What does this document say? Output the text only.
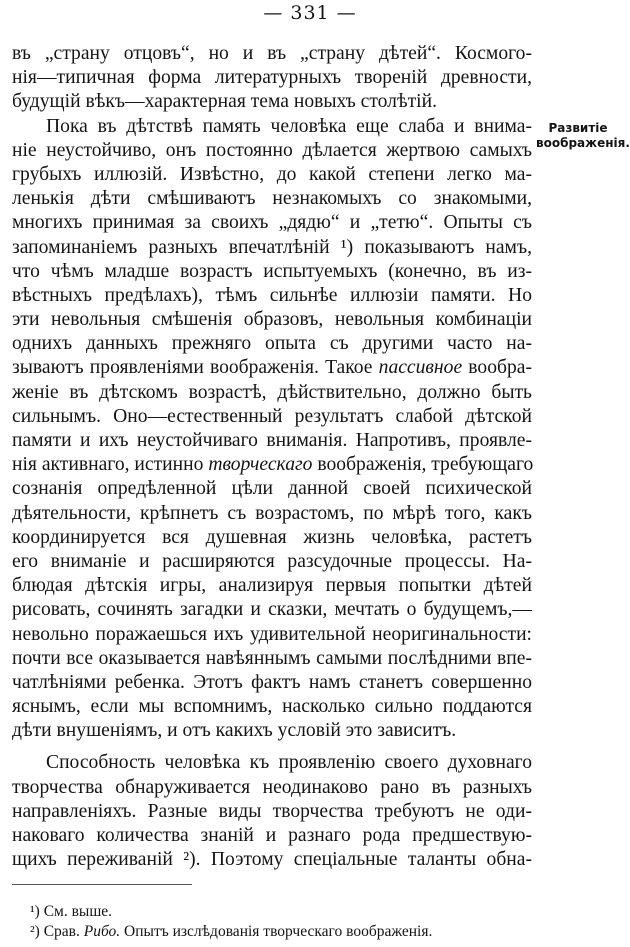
— 331 —
Развитіе
воображенія.
въ „страну отцовъ“, но и въ „страну дѣтей“. Космого-
нія—типичная форма литературныхъ твореній древности,
будущій вѣкъ—характерная тема новыхъ столѣтій.
Пока въ дѣтствѣ память человѣка еще слаба и внима-
ніе неустойчиво, онъ постоянно дѣлается жертвою самыхъ
грубыхъ иллюзій. Извѣстно, до какой степени легко ма-
ленькія дѣти смѣшиваютъ незнакомыхъ со знакомыми,
многихъ принимая за своихъ „дядю“ и „тетю“. Опыты съ
запоминаніемъ разныхъ впечатлѣній ¹) показываютъ намъ,
что чѣмъ младше возрастъ испытуемыхъ (конечно, въ из-
вѣстныхъ предѣлахъ), тѣмъ сильнѣе иллюзіи памяти. Но
эти невольныя смѣшенія образовъ, невольныя комбинаціи
одниxъ данныхъ прежняго опыта съ другими часто на-
зываютъ проявленіями воображенія. Такое пассивное вообра-
женіе въ дѣтскомъ возрастѣ, дѣйствительно, должно быть
сильнымъ. Оно—естественный результатъ слабой дѣтской
памяти и ихъ неустойчиваго вниманія. Напротивъ, проявле-
нія активнаго, истинно творческаго воображенія, требующаго
сознанія опредѣленной цѣли данной своей психической
дѣятельности, крѣпнетъ съ возрастомъ, по мѣрѣ того, какъ
координируется вся душевная жизнь человѣка, растетъ
его вниманіе и расширяются разсудочные процессы. На-
блюдая дѣтскія игры, анализируя первыя попытки дѣтей
рисовать, сочинять загадки и сказки, мечтать о будущемъ,—
невольно поражаешься ихъ удивительной неоригинальности:
почти все оказывается навѣяннымъ самыми послѣдними впе-
чатлѣніями ребенка. Этотъ фактъ намъ станетъ совершенно
яснымъ, если мы вспомнимъ, насколько сильно поддаются
дѣти внушеніямъ, и отъ какихъ условій это зависитъ.
Способность человѣка къ проявленію своего духовнаго
творчества обнаруживается неодинаково рано въ разныхъ
направленіяхъ. Разные виды творчества требуютъ не оди-
наковаго количества знаній и разнаго рода предшествую-
щихъ переживаній ²). Поэтому спеціальные таланты обна-
¹) См. выше.
²) Срав. Рибо. Опытъ изслѣдованія творческаго воображенія.
